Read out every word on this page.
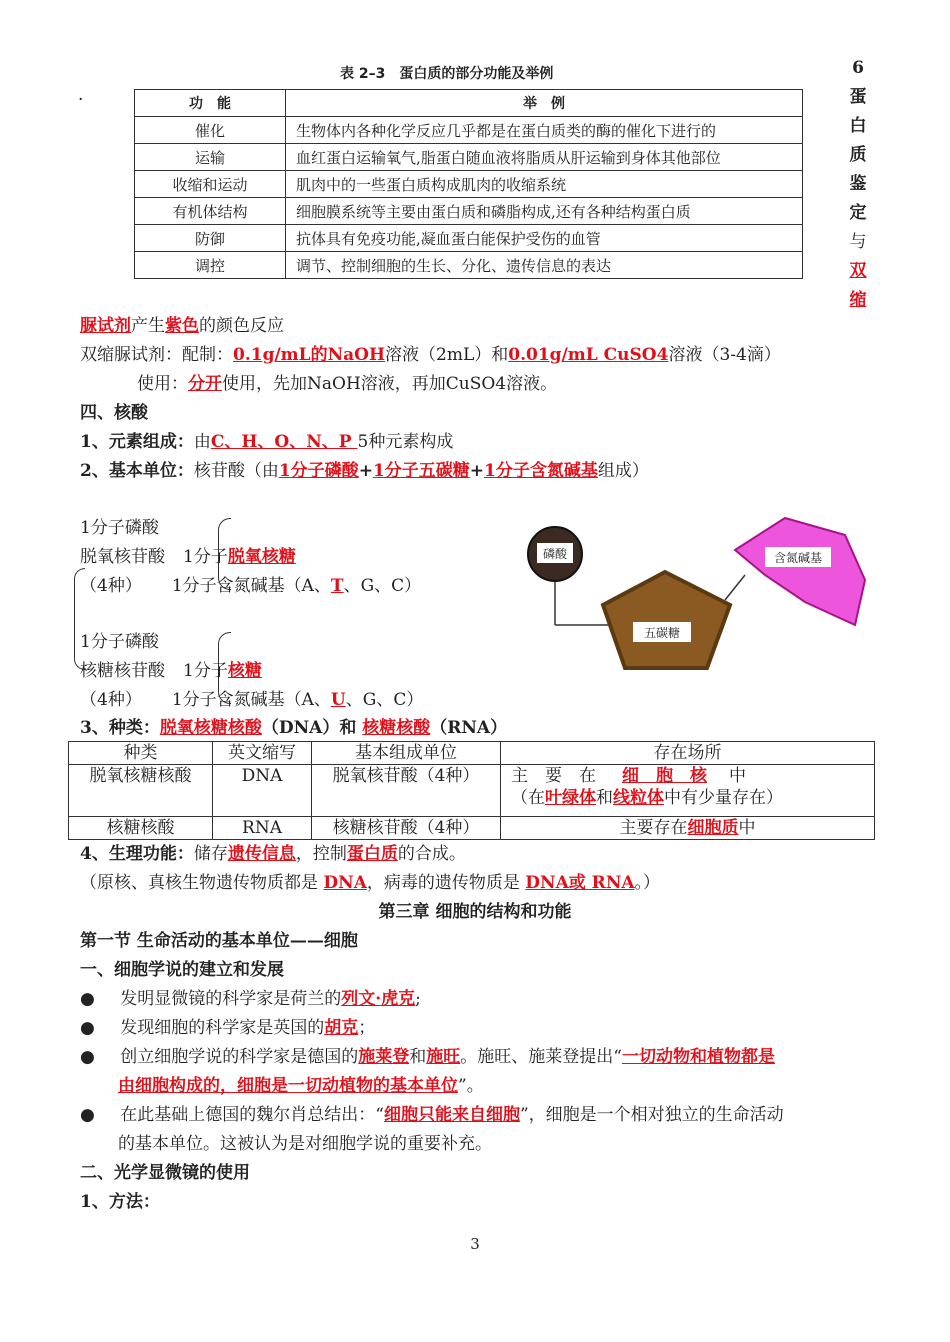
表 2–3　蛋白质的部分功能及举例
·	功　能	举　例
催化	生物体内各种化学反应几乎都是在蛋白质类的酶的催化下进行的
运输	血红蛋白运输氧气,脂蛋白随血液将脂质从肝运输到身体其他部位
收缩和运动	肌肉中的一些蛋白质构成肌肉的收缩系统
有机体结构	细胞膜系统等主要由蛋白质和磷脂构成,还有各种结构蛋白质
防御	抗体具有免疫功能,凝血蛋白能保护受伤的血管
调控	调节、控制细胞的生长、分化、遗传信息的表达
6
蛋
白
质
鉴
定
与
双
缩
脲试剂产生紫色的颜色反应
双缩脲试剂：配制：0.1g/mL的NaOH溶液（2mL）和0.01g/mL CuSO4溶液（3-4滴）
使用：分开使用，先加NaOH溶液，再加CuSO4溶液。
四、核酸
1、元素组成：由C、H、O、N、P 5种元素构成
2、基本单位：核苷酸（由1分子磷酸+1分子五碳糖+1分子含氮碱基组成）
1分子磷酸
脱氧核苷酸 1分子脱氧核糖
（4种） 1分子含氮碱基（A、T、G、C）
1分子磷酸
核糖核苷酸 1分子核糖
（4种） 1分子含氮碱基（A、U、G、C）
磷酸
五碳糖
含氮碱基
3、种类：脱氧核糖核酸（DNA）和 核糖核酸（RNA）
种类	英文缩写	基本组成单位	存在场所
脱氧核糖核酸	DNA	脱氧核苷酸（4种）	主　要　在 细　胞　核 中
（在叶绿体和线粒体中有少量存在）
核糖核酸	RNA	核糖核苷酸（4种）	主要存在细胞质中
4、生理功能：储存遗传信息，控制蛋白质的合成。
（原核、真核生物遗传物质都是 DNA，病毒的遗传物质是 DNA或 RNA。）
第三章 细胞的结构和功能
第一节 生命活动的基本单位——细胞
一、细胞学说的建立和发展
● 发明显微镜的科学家是荷兰的列文·虎克;
● 发现细胞的科学家是英国的胡克；
● 创立细胞学说的科学家是德国的施莱登和施旺。施旺、施莱登提出“一切动物和植物都是
由细胞构成的，细胞是一切动植物的基本单位”。
● 在此基础上德国的魏尔肖总结出：“细胞只能来自细胞”，细胞是一个相对独立的生命活动
的基本单位。这被认为是对细胞学说的重要补充。
二、光学显微镜的使用
1、方法：
3
